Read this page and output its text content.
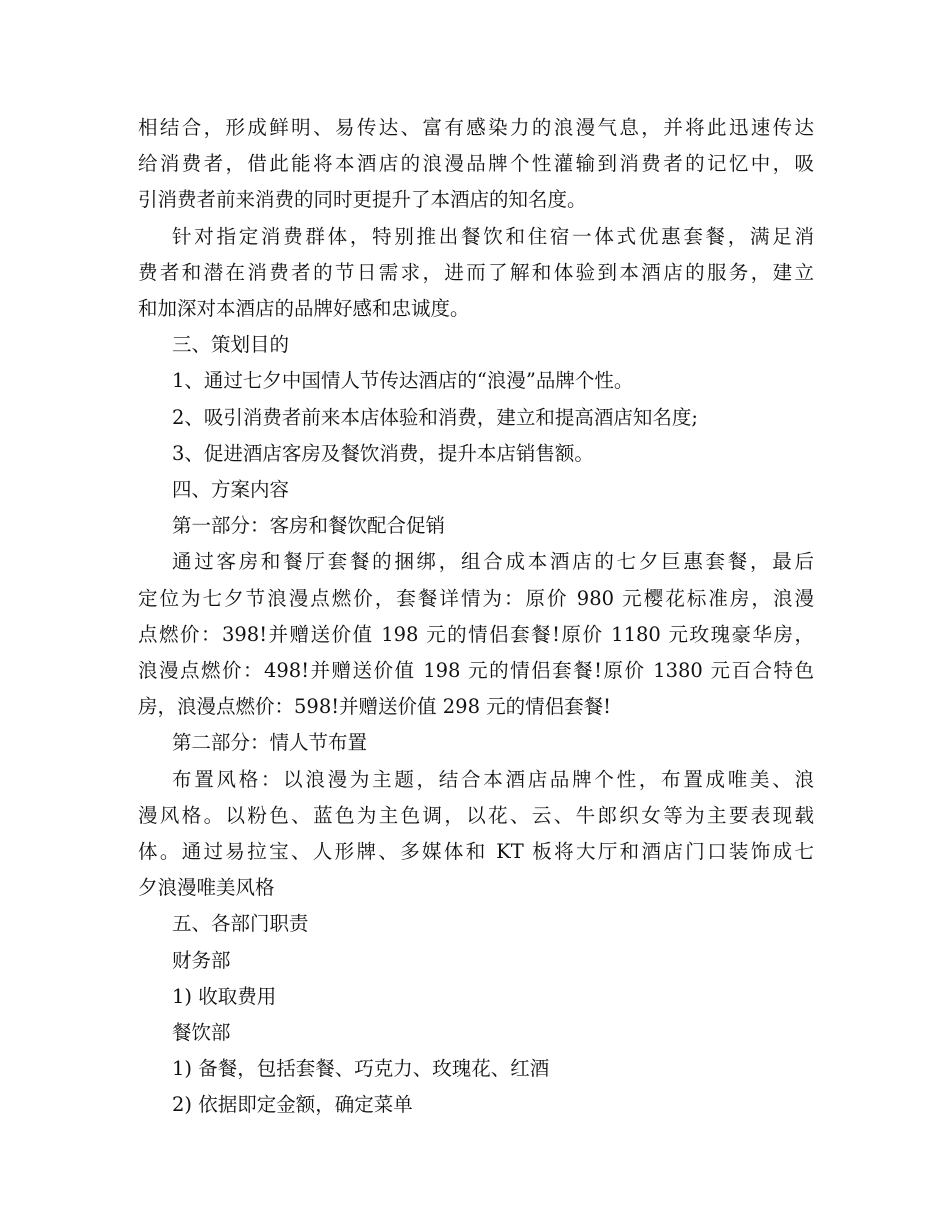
相结合，形成鲜明、易传达、富有感染力的浪漫气息，并将此迅速传达

给消费者，借此能将本酒店的浪漫品牌个性灌输到消费者的记忆中，吸

引消费者前来消费的同时更提升了本酒店的知名度。

针对指定消费群体，特别推出餐饮和住宿一体式优惠套餐，满足消

费者和潜在消费者的节日需求，进而了解和体验到本酒店的服务，建立

和加深对本酒店的品牌好感和忠诚度。

三、策划目的

1、通过七夕中国情人节传达酒店的“浪漫”品牌个性。

2、吸引消费者前来本店体验和消费，建立和提高酒店知名度;

3、促进酒店客房及餐饮消费，提升本店销售额。

四、方案内容

第一部分：客房和餐饮配合促销

通过客房和餐厅套餐的捆绑，组合成本酒店的七夕巨惠套餐，最后

定位为七夕节浪漫点燃价，套餐详情为：原价 980 元樱花标准房，浪漫

点燃价：398!并赠送价值 198 元的情侣套餐!原价 1180 元玫瑰豪华房，

浪漫点燃价：498!并赠送价值 198 元的情侣套餐!原价 1380 元百合特色

房，浪漫点燃价：598!并赠送价值 298 元的情侣套餐!

第二部分：情人节布置

布置风格：以浪漫为主题，结合本酒店品牌个性，布置成唯美、浪

漫风格。以粉色、蓝色为主色调，以花、云、牛郎织女等为主要表现载

体。通过易拉宝、人形牌、多媒体和 KT 板将大厅和酒店门口装饰成七

夕浪漫唯美风格

五、各部门职责

财务部

1) 收取费用

餐饮部

1) 备餐，包括套餐、巧克力、玫瑰花、红酒

2) 依据即定金额，确定菜单
